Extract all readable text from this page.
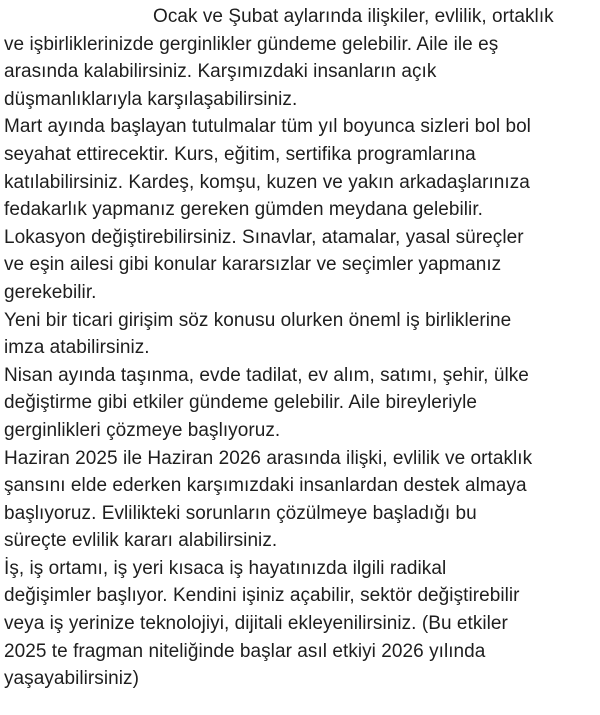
Ocak ve Şubat aylarında ilişkiler, evlilik, ortaklık
ve işbirliklerinizde gerginlikler gündeme gelebilir. Aile ile eş
arasında kalabilirsiniz. Karşımızdaki insanların açık
düşmanlıklarıyla karşılaşabilirsiniz.
Mart ayında başlayan tutulmalar tüm yıl boyunca sizleri bol bol
seyahat ettirecektir. Kurs, eğitim, sertifika programlarına
katılabilirsiniz. Kardeş, komşu, kuzen ve yakın arkadaşlarınıza
fedakarlık yapmanız gereken gümden meydana gelebilir.
Lokasyon değiştirebilirsiniz. Sınavlar, atamalar, yasal süreçler
ve eşin ailesi gibi konular kararsızlar ve seçimler yapmanız
gerekebilir.
Yeni bir ticari girişim söz konusu olurken öneml iş birliklerine
imza atabilirsiniz.
Nisan ayında taşınma, evde tadilat, ev alım, satımı, şehir, ülke
değiştirme gibi etkiler gündeme gelebilir. Aile bireyleriyle
gerginlikleri çözmeye başlıyoruz.
Haziran 2025 ile Haziran 2026 arasında ilişki, evlilik ve ortaklık
şansını elde ederken karşımızdaki insanlardan destek almaya
başlıyoruz. Evlilikteki sorunların çözülmeye başladığı bu
süreçte evlilik kararı alabilirsiniz.
İş, iş ortamı, iş yeri kısaca iş hayatınızda ilgili radikal
değişimler başlıyor. Kendini işiniz açabilir, sektör değiştirebilir
veya iş yerinize teknolojiyi, dijitali ekleyenilirsiniz. (Bu etkiler
2025 te fragman niteliğinde başlar asıl etkiyi 2026 yılında
yaşayabilirsiniz)
